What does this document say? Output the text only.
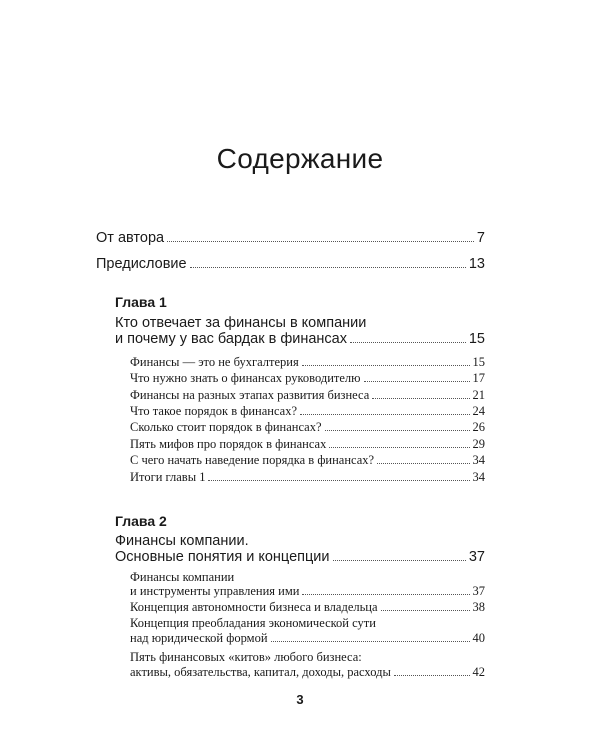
Содержание
От автора	7
Предисловие	13
Глава 1
Кто отвечает за финансы в компании
и почему у вас бардак в финансах	15
Финансы — это не бухгалтерия	15
Что нужно знать о финансах руководителю	17
Финансы на разных этапах развития бизнеса	21
Что такое порядок в финансах?	24
Сколько стоит порядок в финансах?	26
Пять мифов про порядок в финансах	29
С чего начать наведение порядка в финансах?	34
Итоги главы 1	34
Глава 2
Финансы компании.
Основные понятия и концепции	37
Финансы компании
и инструменты управления ими	37
Концепция автономности бизнеса и владельца	38
Концепция преобладания экономической сути
над юридической формой	40
Пять финансовых «китов» любого бизнеса:
активы, обязательства, капитал, доходы, расходы	42
3
